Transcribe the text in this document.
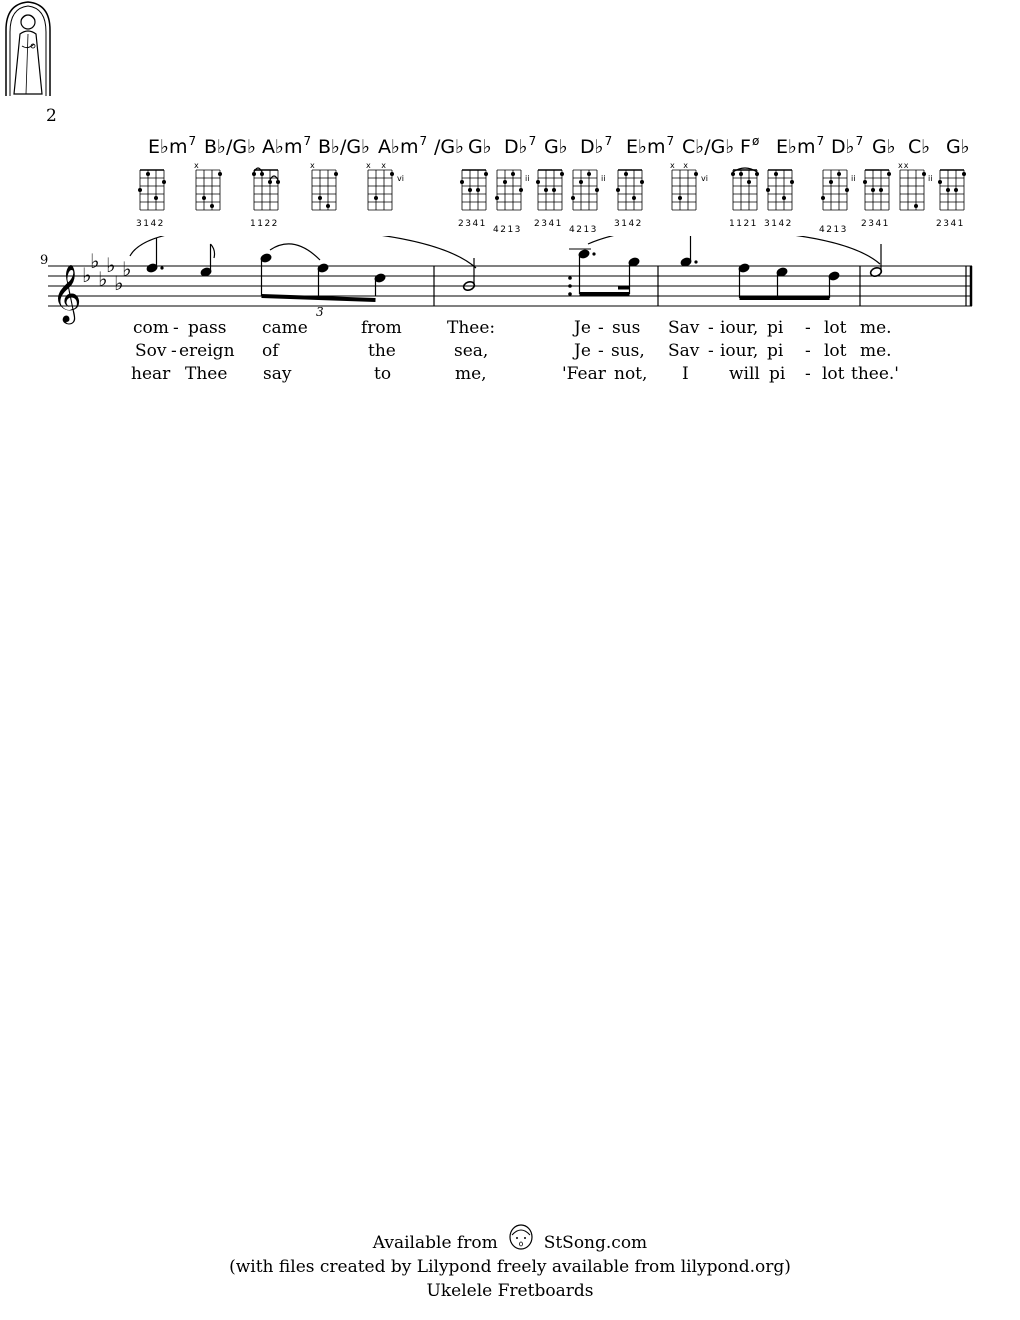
2
$E♭m^7$ B♭/G♭ $A♭m^7$ B♭/G♭ $A♭m^7$ /G♭ G♭ D♭$^7$ G♭ D♭$^7$ $E♭m^7$ C♭/G♭ $F^ø$ $E♭m^7$ D♭$^7$ G♭ C♭ G♭
3142
x
1122
x	x x
vi
2341
ii
4213
2341
ii
4213
3142
x x
vi
1121 3142
ii
4213
2341
xx
ii
2341
9
𝄞 ♭
♭
♭
♭
♭
♭
3
com - pass came	from	Thee:	Je - sus Sav - iour, pi - lot me.
Sov - ereign of	the	sea,	Je - sus, Sav - iour, pi - lot me.
hear Thee say	to	me,	'Fear not, I will pi - lot thee.'
Available from	StSong.com
(with files created by Lilypond freely available from lilypond.org)
Ukelele Fretboards
